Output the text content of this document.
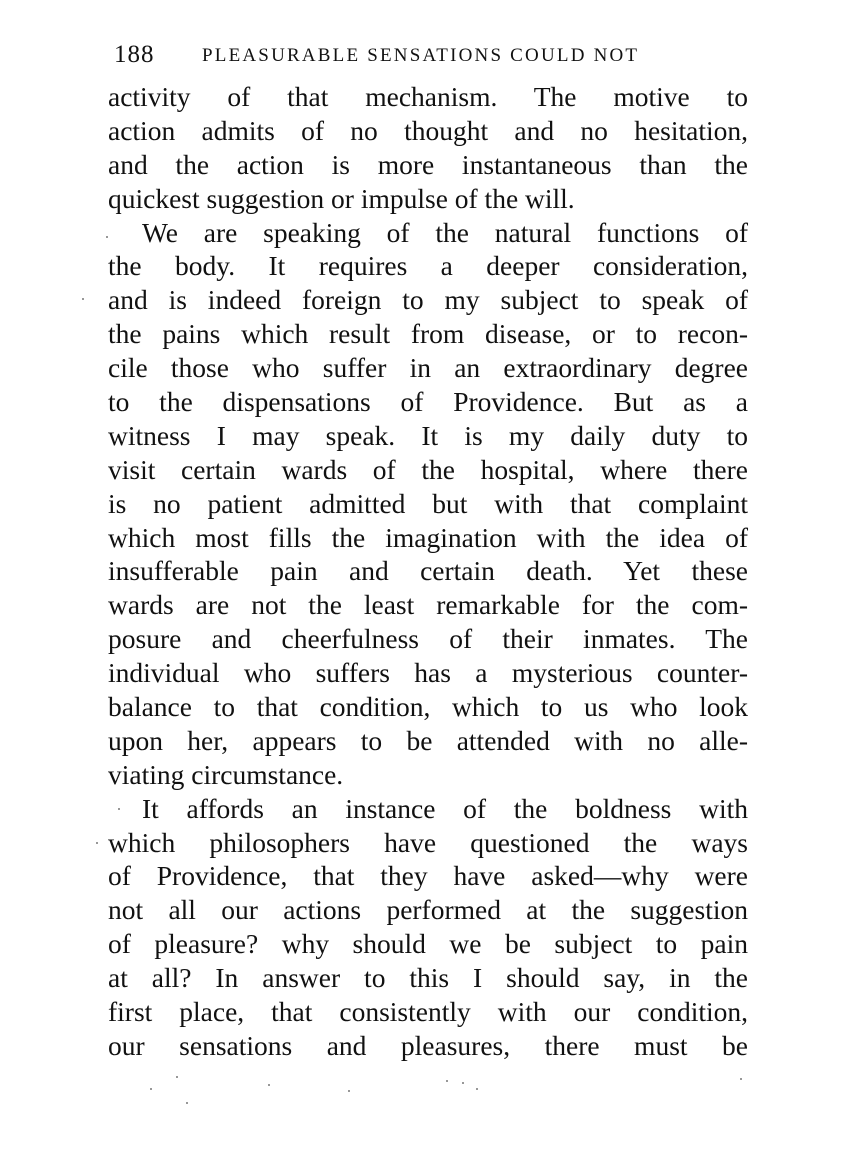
188	PLEASURABLE SENSATIONS COULD NOT
activity of that mechanism. The motive to
action admits of no thought and no hesitation,
and the action is more instantaneous than the
quickest suggestion or impulse of the will.
We are speaking of the natural functions of
the body. It requires a deeper consideration,
and is indeed foreign to my subject to speak of
the pains which result from disease, or to recon-
cile those who suffer in an extraordinary degree
to the dispensations of Providence. But as a
witness I may speak. It is my daily duty to
visit certain wards of the hospital, where there
is no patient admitted but with that complaint
which most fills the imagination with the idea of
insufferable pain and certain death. Yet these
wards are not the least remarkable for the com-
posure and cheerfulness of their inmates. The
individual who suffers has a mysterious counter-
balance to that condition, which to us who look
upon her, appears to be attended with no alle-
viating circumstance.
It affords an instance of the boldness with
which philosophers have questioned the ways
of Providence, that they have asked—why were
not all our actions performed at the suggestion
of pleasure? why should we be subject to pain
at all? In answer to this I should say, in the
first place, that consistently with our condition,
our sensations and pleasures, there must be
